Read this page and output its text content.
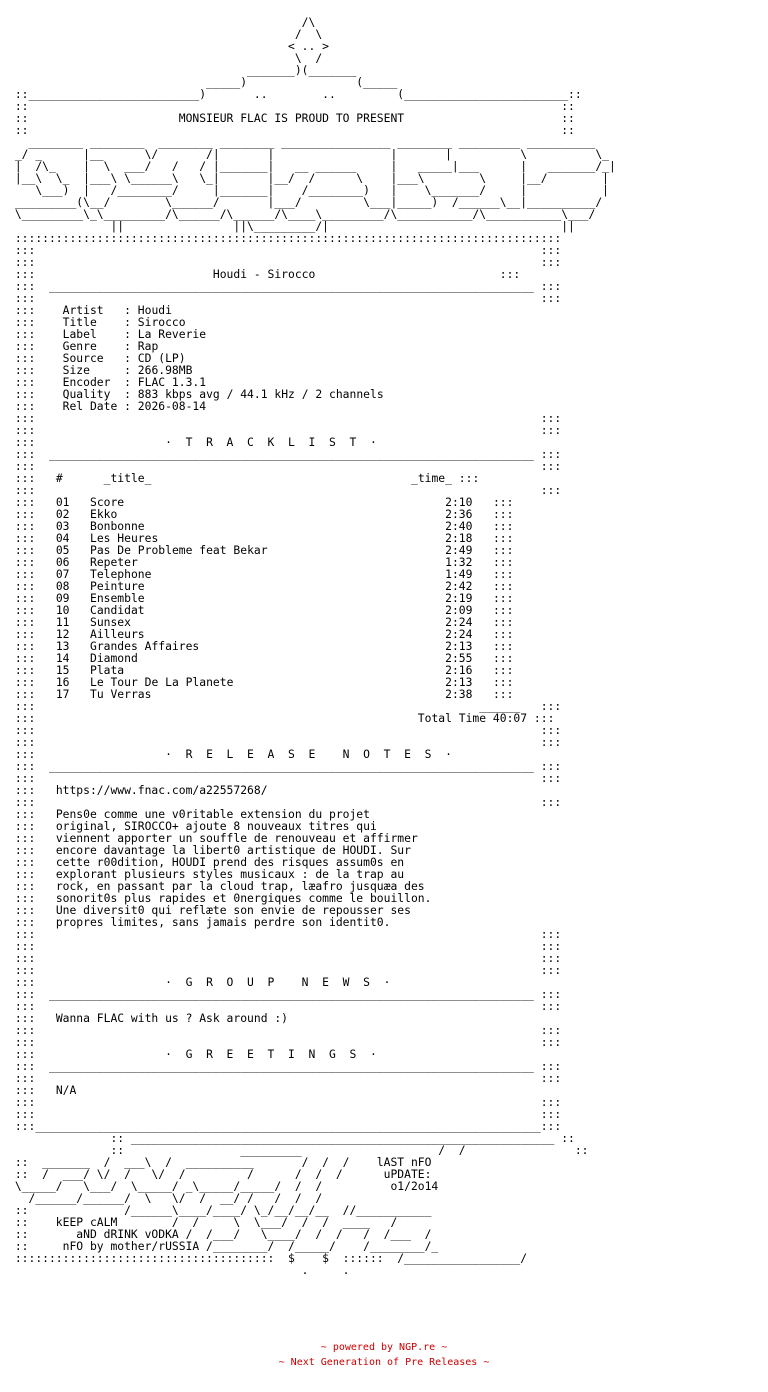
/\
/  \
< .. >
\  /
_______)(_______
_____)                (_____
::_________________________)       ..        ..         (________________________::
::                                                                              ::
::                      MONSIEUR FLAC IS PROUD TO PRESENT                       ::
::                                                                              ::
________ ________  ________ ________ ________________ ________ _________ __________
_/ _      |__      \/       /|       |                 |       |          \          \_
|  /\_    |  \  ___/   /   / |_______|   __ ______     |   _____|___      |   _______/_|
|__\  \_  |___\ \______\   \_|       |__/  /      \    |___\        \     |__/        |
\___)  |   /________/     |_______|    /________)   |    \_______/     |           |
_________(\__/        \______/       |___/         \___|_____)  /______\__|__________/
\_________\_\_________/\______/\______/\____\_________/\___________/\___________\___/
||                ||\_________/|                                  ||
::::::::::::::::::::::::::::::::::::::::::::::::::::::::::::::::::::::::::::::::
:::                                                                          :::
:::                                                                          :::
:::	Houdi - Sirocco	:::
:::  _______________________________________________________________________ :::
:::                                                                          :::
:::    Artist   : Houdi
:::    Title    : Sirocco
:::    Label    : La Reverie
:::    Genre    : Rap
:::    Source   : CD (LP)
:::    Size     : 266.98MB
:::    Encoder  : FLAC 1.3.1
:::    Quality  : 883 kbps avg / 44.1 kHz / 2 channels
:::    Rel Date : 2026-08-14
:::                                                                          :::
:::                                                                          :::
:::	·  T  R  A  C  K  L  I  S  T  ·
:::  _______________________________________________________________________ :::
:::                                                                          :::
:::   #	_title_	_time_ :::
:::                                                                          :::
:::   01 Score	2:10   :::
:::   02 Ekko	2:36   :::
:::   03 Bonbonne	2:40   :::
:::   04 Les Heures	2:18   :::
:::   05 Pas De Probleme feat Bekar	2:49   :::
:::   06 Repeter	1:32   :::
:::   07 Telephone	1:49   :::
:::   08 Peinture	2:42   :::
:::   09 Ensemble	2:19   :::
:::   10 Candidat	2:09   :::
:::   11 Sunsex	2:24   :::
:::   12 Ailleurs	2:24   :::
:::   13 Grandes Affaires	2:13   :::
:::   14 Diamond	2:55   :::
:::   15 Plata	2:16   :::
:::   16 Le Tour De La Planete	2:13   :::
:::   17 Tu Verras	2:38   :::
:::                                                                 ______   :::
:::	Total Time 40:07 :::
:::                                                                          :::
:::                                                                          :::
:::	·  R  E  L  E  A  S  E    N  O  T  E  S  ·
:::  _______________________________________________________________________ :::
:::                                                                          :::
:::   https://www.fnac.com/a22557268/
:::                                                                          :::
:::   Pens0e comme une v0ritable extension du projet
:::   original, SIROCCO+ ajoute 8 nouveaux titres qui
:::   viennent apporter un souffle de renouveau et affirmer
:::   encore davantage la libert0 artistique de HOUDI. Sur
:::   cette r00dition, HOUDI prend des risques assum0s en
:::   explorant plusieurs styles musicaux : de la trap au
:::   rock, en passant par la cloud trap, læafro jusquæa des
:::   sonorit0s plus rapides et 0nergiques comme le bouillon.
:::   Une diversit0 qui reflæte son envie de repousser ses
:::   propres limites, sans jamais perdre son identit0.
:::                                                                          :::
:::                                                                          :::
:::                                                                          :::
:::                                                                          :::
:::	·  G  R  O  U  P    N  E  W  S  ·
:::  _______________________________________________________________________ :::
:::                                                                          :::
:::   Wanna FLAC with us ? Ask around :)
:::                                                                          :::
:::                                                                          :::
:::	·  G  R  E  E  T  I  N  G  S  ·
:::  _______________________________________________________________________ :::
:::                                                                          :::
:::   N/A
:::                                                                          :::
:::                                                                          :::
:::__________________________________________________________________________:::
:: ______________________________________________________________ ::
::                 _________                    /  /                ::
::  _______  /  ___\  /  __________       /  /  /    lAST nFO
::  /  ___/ \/  /   \/  /         /      /  /  /      uPDATE:
\_____/   \___/  \_____/ _\_____/_____/  /  /          o1/2o14
/______/______/  \   \/  /  __/ /   /  /  /
::              /______\____/____/ \_/__/__/__  //___________
::    kEEP cALM        /  /     \  \___/  /  /  ____   /
::       aND dRINK vODKA /  /___/   \____/  /  /   /  /___  /
::     nFO by mother/rUSSIA /________/  /_____/    /________/_
::::::::::::::::::::::::::::::::::::::  $    $  ::::::  /_________________/
.     .
~ powered by NGP.re ~
~ Next Generation of Pre Releases ~
